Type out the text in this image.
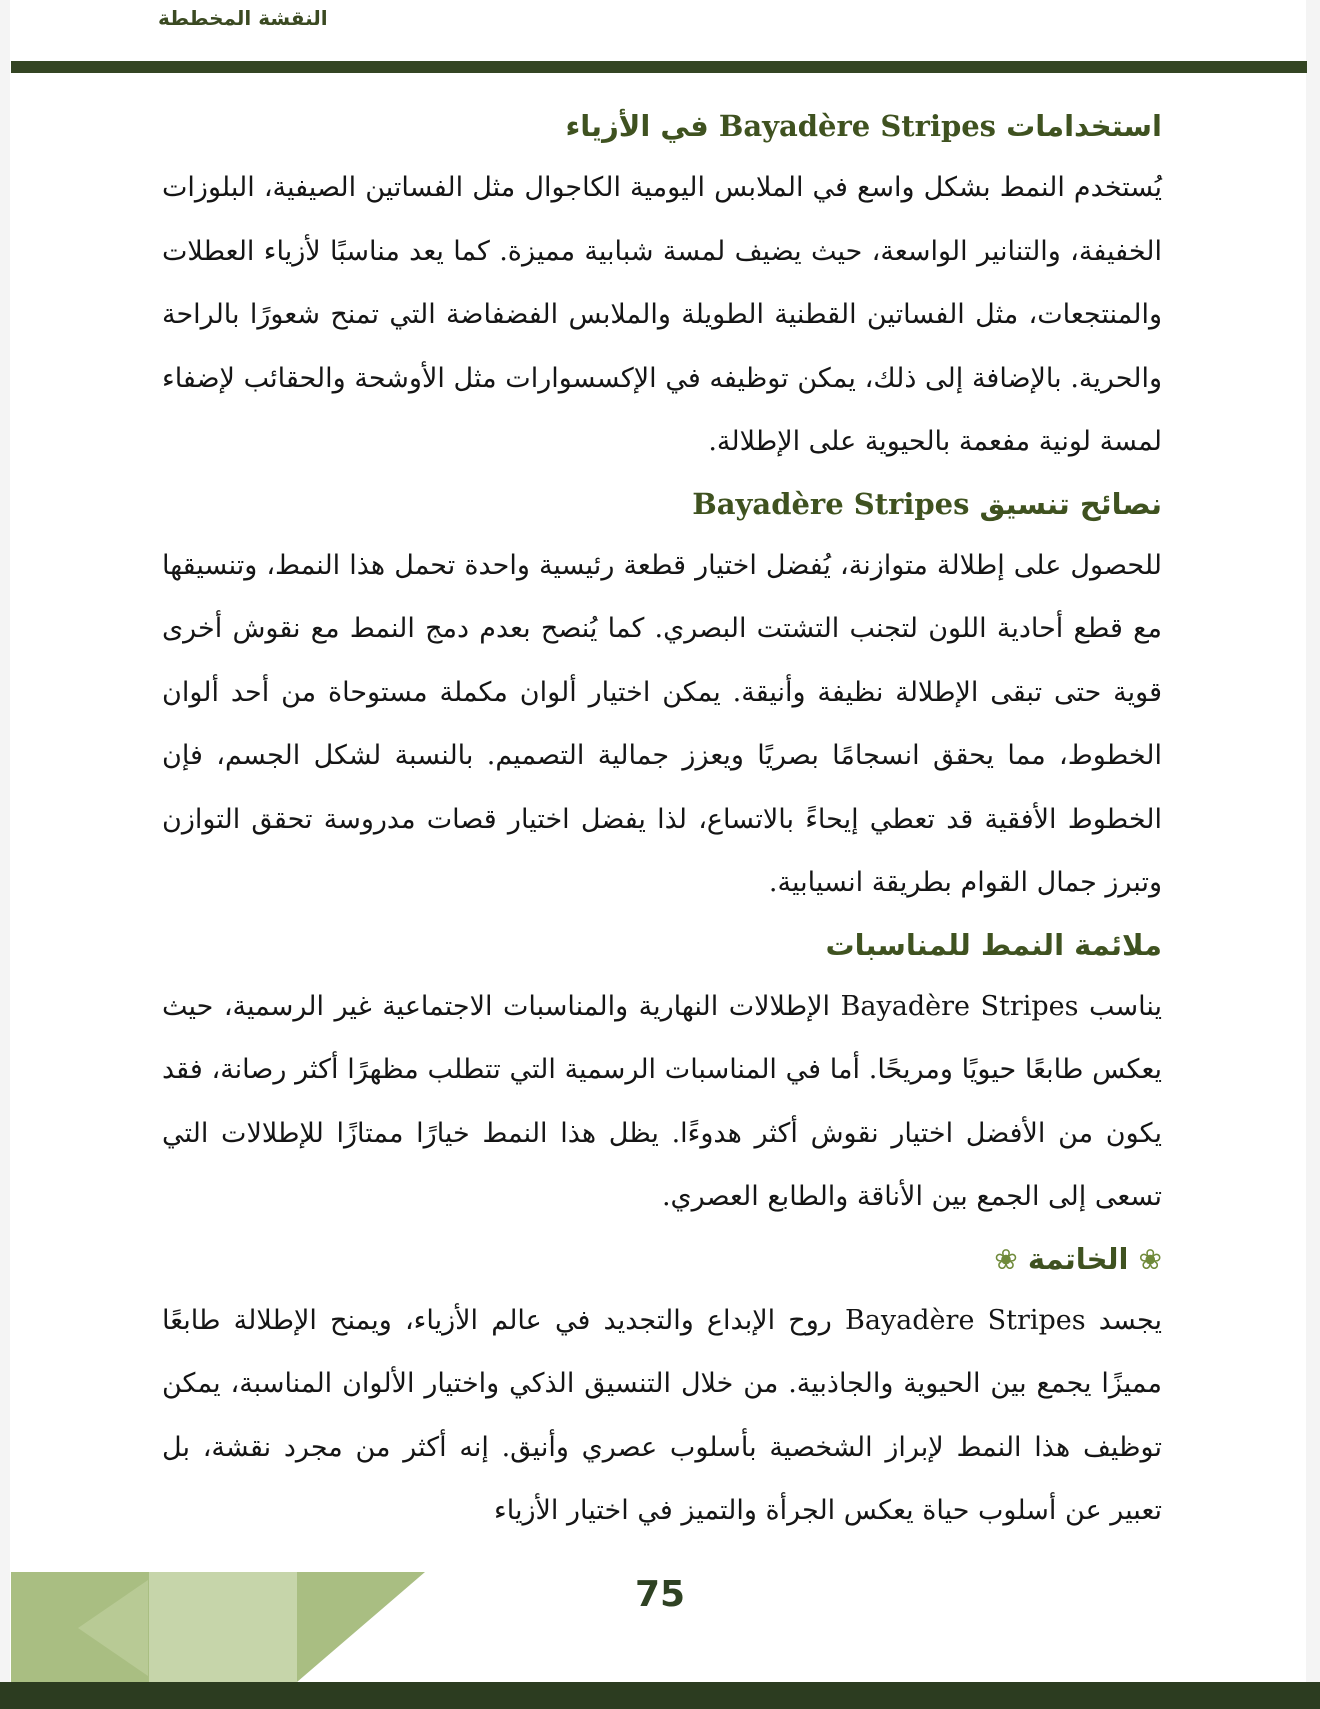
النقشة المخططة
استخدامات Bayadère Stripes في الأزياء

يُستخدم النمط بشكل واسع في الملابس اليومية الكاجوال مثل الفساتين الصيفية، البلوزات الخفيفة، والتنانير الواسعة، حيث يضيف لمسة شبابية مميزة. كما يعد مناسبًا لأزياء العطلات والمنتجعات، مثل الفساتين القطنية الطويلة والملابس الفضفاضة التي تمنح شعورًا بالراحة والحرية. بالإضافة إلى ذلك، يمكن توظيفه في الإكسسوارات مثل الأوشحة والحقائب لإضفاء لمسة لونية مفعمة بالحيوية على الإطلالة.

نصائح تنسيق Bayadère Stripes

للحصول على إطلالة متوازنة، يُفضل اختيار قطعة رئيسية واحدة تحمل هذا النمط، وتنسيقها مع قطع أحادية اللون لتجنب التشتت البصري. كما يُنصح بعدم دمج النمط مع نقوش أخرى قوية حتى تبقى الإطلالة نظيفة وأنيقة. يمكن اختيار ألوان مكملة مستوحاة من أحد ألوان الخطوط، مما يحقق انسجامًا بصريًا ويعزز جمالية التصميم. بالنسبة لشكل الجسم، فإن الخطوط الأفقية قد تعطي إيحاءً بالاتساع، لذا يفضل اختيار قصات مدروسة تحقق التوازن وتبرز جمال القوام بطريقة انسيابية.

ملائمة النمط للمناسبات

يناسب Bayadère Stripes الإطلالات النهارية والمناسبات الاجتماعية غير الرسمية، حيث يعكس طابعًا حيويًا ومريحًا. أما في المناسبات الرسمية التي تتطلب مظهرًا أكثر رصانة، فقد يكون من الأفضل اختيار نقوش أكثر هدوءًا. يظل هذا النمط خيارًا ممتازًا للإطلالات التي تسعى إلى الجمع بين الأناقة والطابع العصري.

❀ الخاتمة ❀

يجسد Bayadère Stripes روح الإبداع والتجديد في عالم الأزياء، ويمنح الإطلالة طابعًا مميزًا يجمع بين الحيوية والجاذبية. من خلال التنسيق الذكي واختيار الألوان المناسبة، يمكن توظيف هذا النمط لإبراز الشخصية بأسلوب عصري وأنيق. إنه أكثر من مجرد نقشة، بل تعبير عن أسلوب حياة يعكس الجرأة والتميز في اختيار الأزياء

75
